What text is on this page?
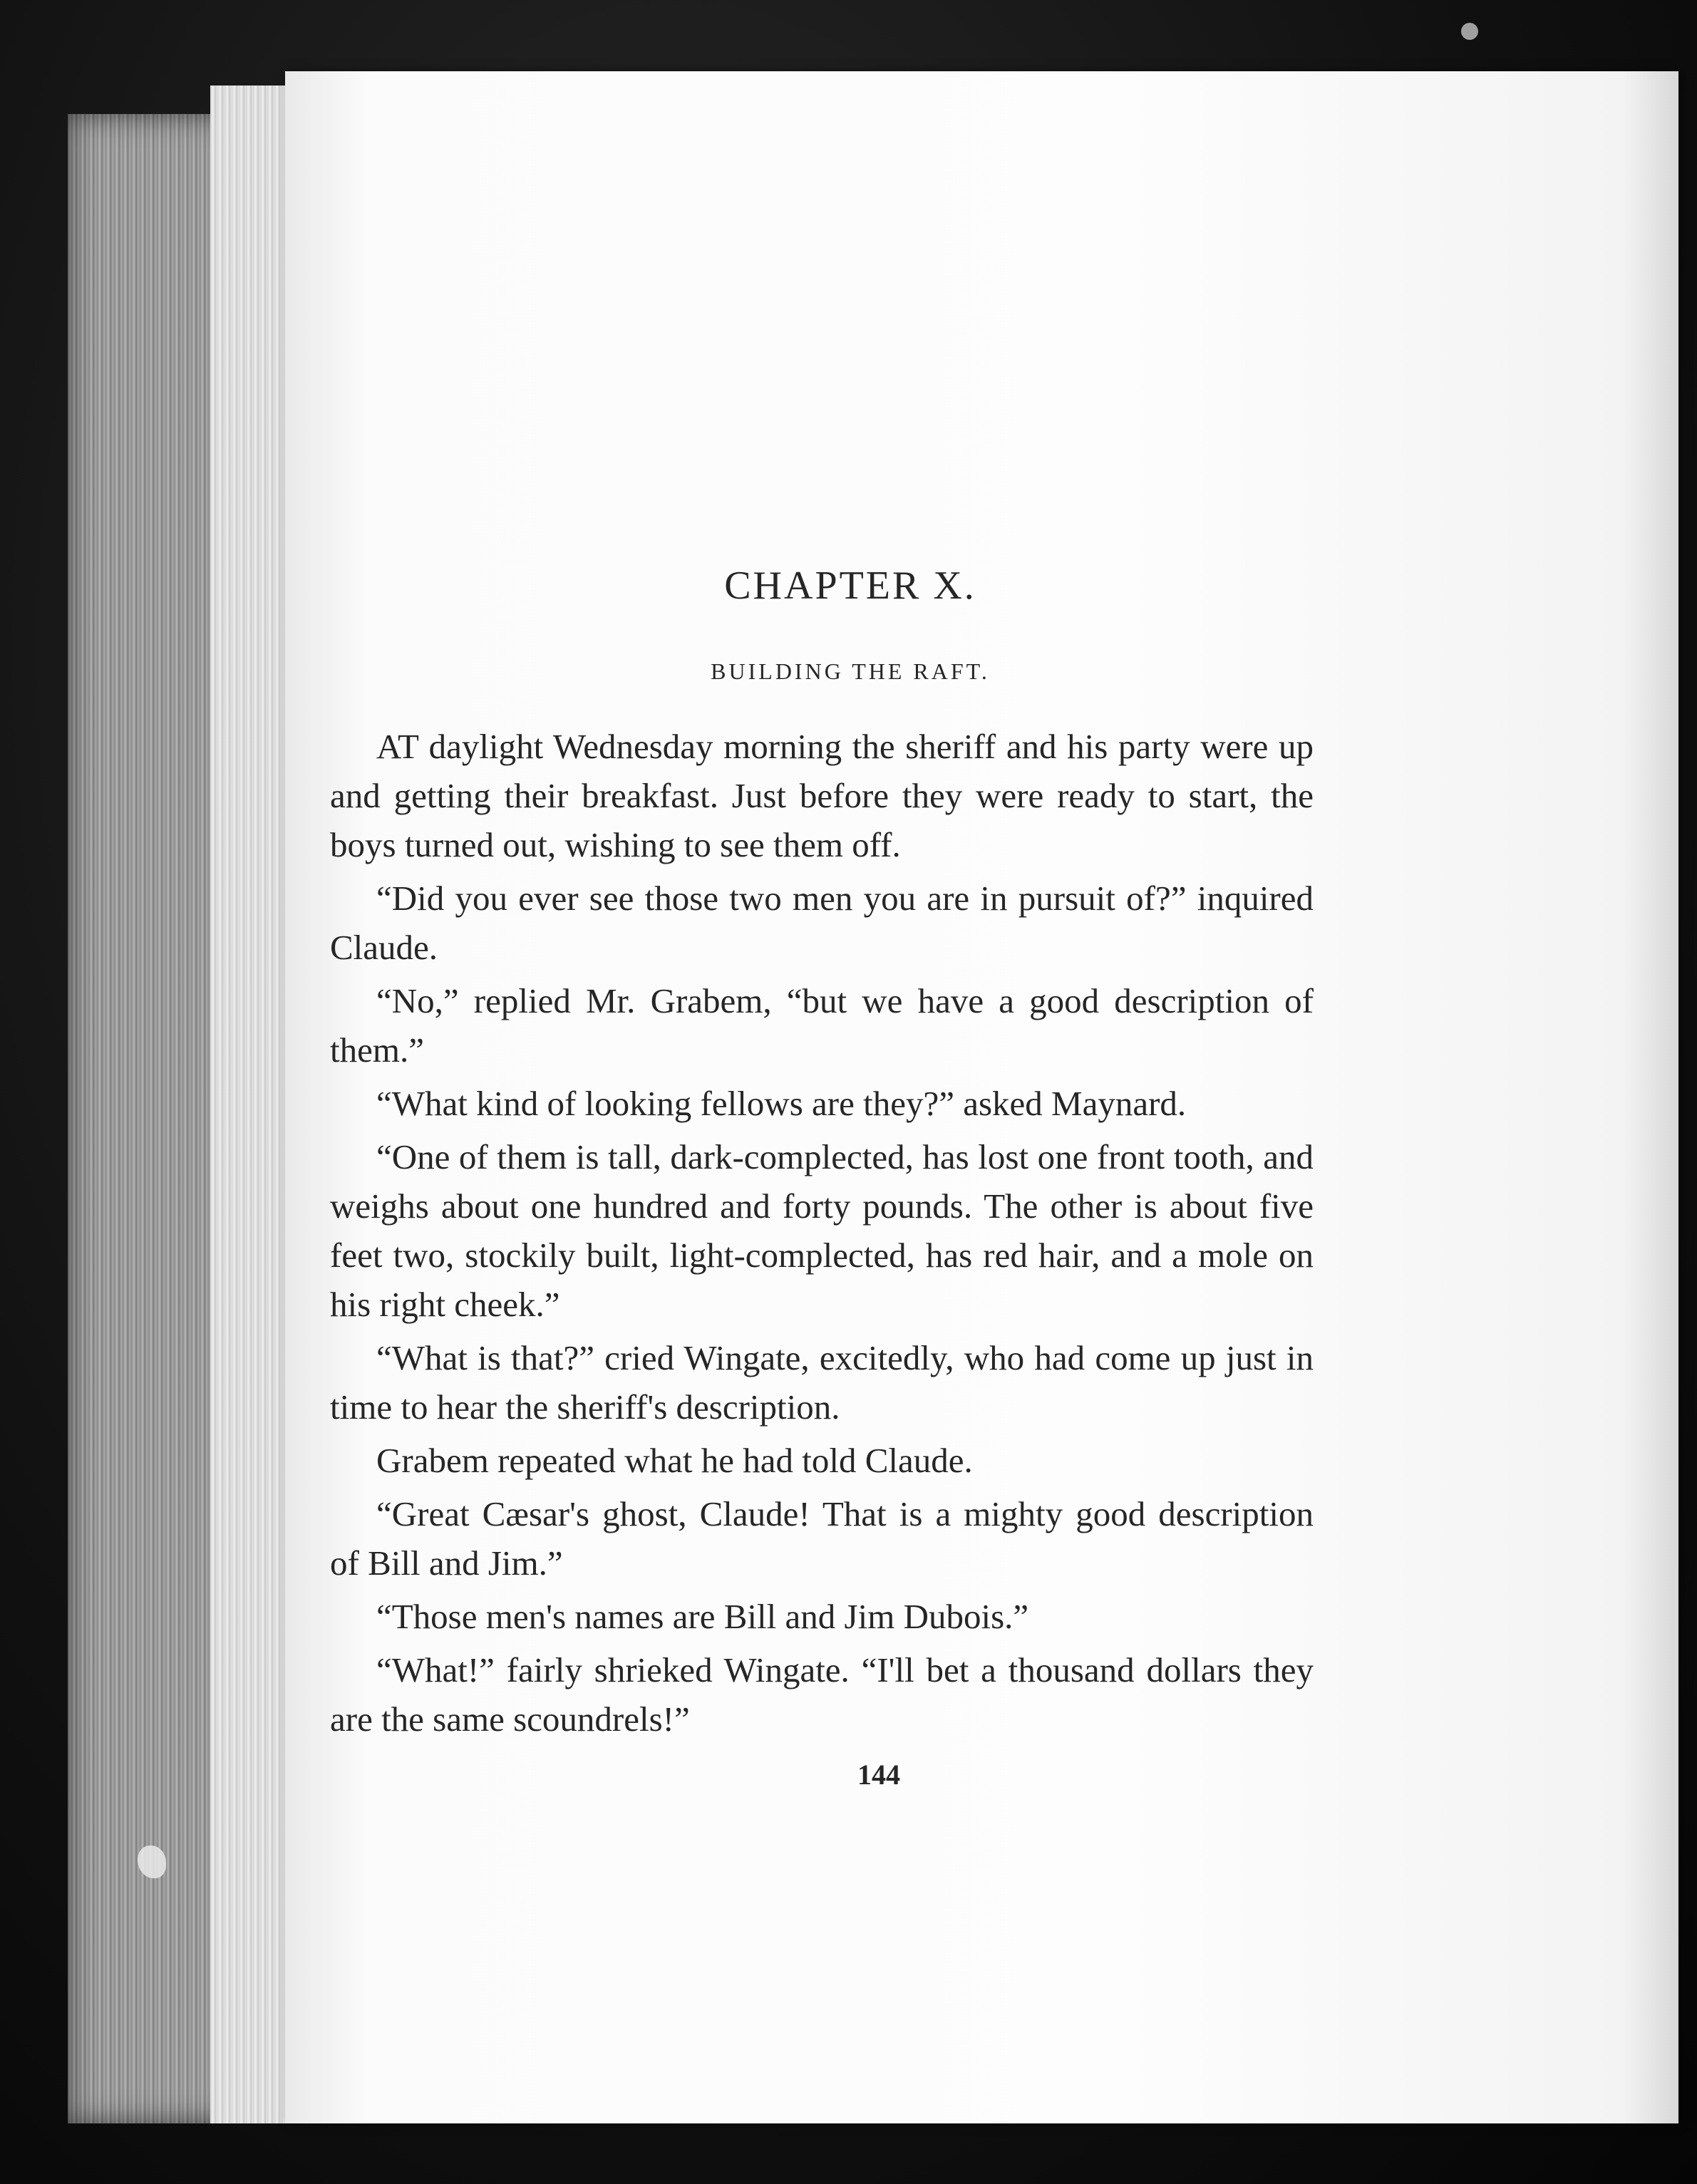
CHAPTER X.
BUILDING THE RAFT.

AT daylight Wednesday morning the sheriff and his party were up and getting their breakfast. Just before they were ready to start, the boys turned out, wishing to see them off.

“Did you ever see those two men you are in pursuit of?” inquired Claude.

“No,” replied Mr. Grabem, “but we have a good description of them.”

“What kind of looking fellows are they?” asked Maynard.

“One of them is tall, dark-complected, has lost one front tooth, and weighs about one hundred and forty pounds. The other is about five feet two, stockily built, light-complected, has red hair, and a mole on his right cheek.”

“What is that?” cried Wingate, excitedly, who had come up just in time to hear the sheriff's description.

Grabem repeated what he had told Claude.

“Great Cæsar's ghost, Claude! That is a mighty good description of Bill and Jim.”

“Those men's names are Bill and Jim Dubois.”

“What!” fairly shrieked Wingate. “I'll bet a thousand dollars they are the same scoundrels!”

144
